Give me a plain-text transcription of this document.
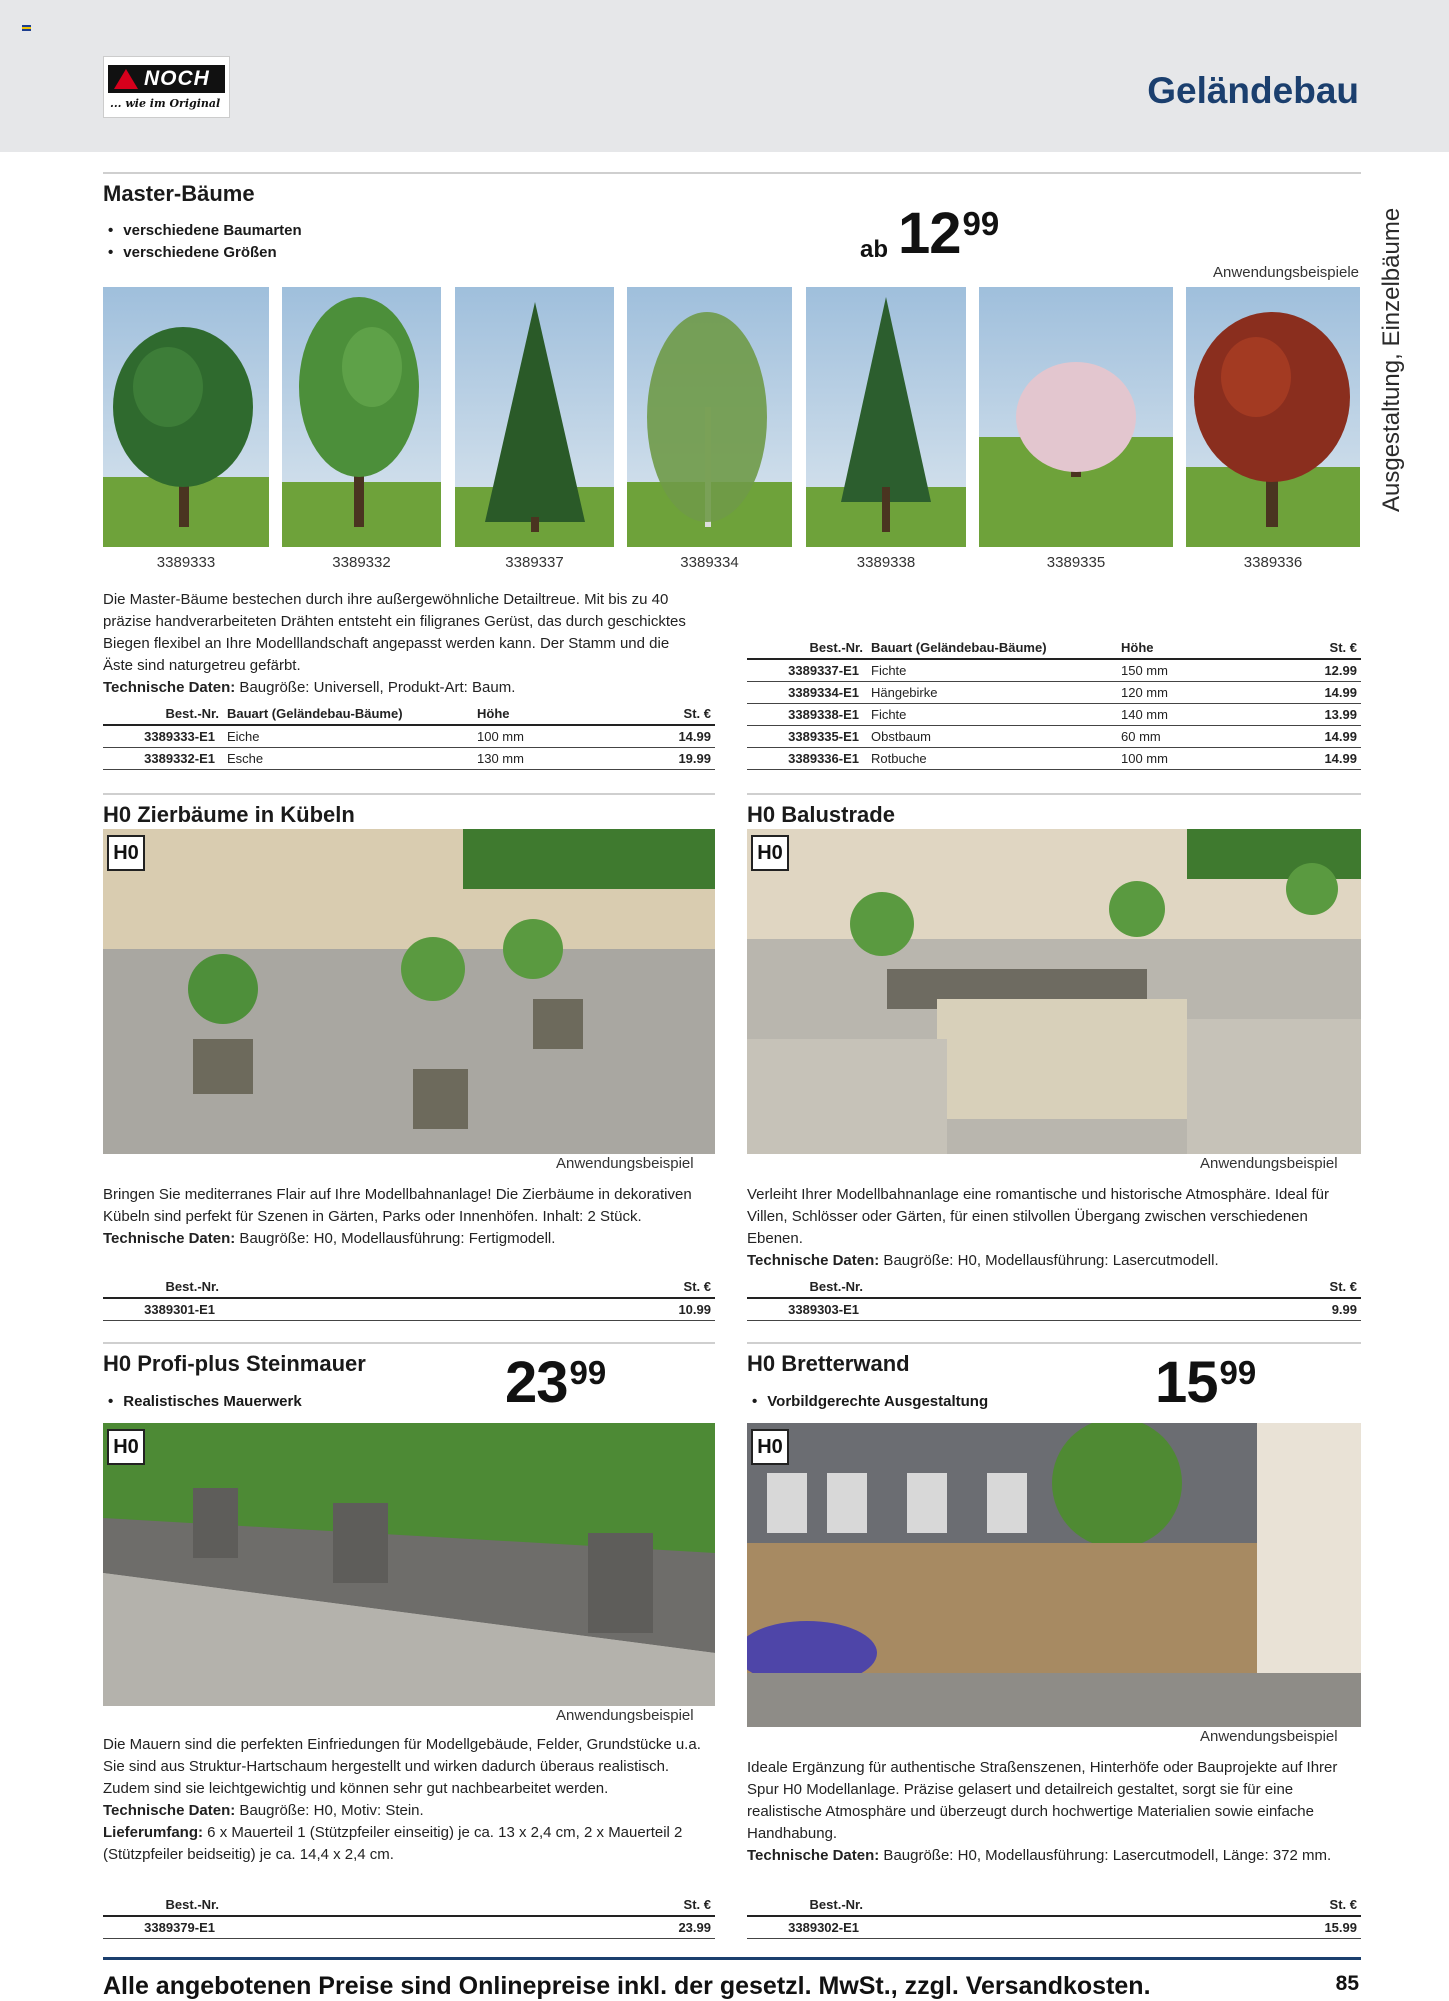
NOCH
... wie im Original	Geländebau
Ausgestaltung, Einzelbäume
Master-Bäume
• verschiedene Baumarten
• verschiedene Größen	ab 12 99
Anwendungsbeispiele
3389333	3389332	3389337	3389334	3389338	3389335	3389336
Die Master-Bäume bestechen durch ihre außergewöhnliche Detailtreue. Mit bis zu 40 präzise handverarbeiteten Drähten entsteht ein filigranes Gerüst, das durch geschicktes Biegen flexibel an Ihre Modelllandschaft angepasst werden kann. Der Stamm und die Äste sind naturgetreu gefärbt.
Technische Daten: Baugröße: Universell, Produkt-Art: Baum.
Best.-Nr.	Bauart (Geländebau-Bäume)	Höhe	St. €
3389333-E1	Eiche	100 mm	14.99
3389332-E1	Esche	130 mm	19.99
Best.-Nr.	Bauart (Geländebau-Bäume)	Höhe	St. €
3389337-E1	Fichte	150 mm	12.99
3389334-E1	Hängebirke	120 mm	14.99
3389338-E1	Fichte	140 mm	13.99
3389335-E1	Obstbaum	60 mm	14.99
3389336-E1	Rotbuche	100 mm	14.99
H0 Zierbäume in Kübeln
H0
Anwendungsbeispiel
Bringen Sie mediterranes Flair auf Ihre Modellbahnanlage! Die Zierbäume in dekorativen Kübeln sind perfekt für Szenen in Gärten, Parks oder Innenhöfen. Inhalt: 2 Stück.
Technische Daten: Baugröße: H0, Modellausführung: Fertigmodell.
Best.-Nr.		St. €
3389301-E1		10.99
H0 Balustrade
H0
Anwendungsbeispiel
Verleiht Ihrer Modellbahnanlage eine romantische und historische Atmosphäre. Ideal für Villen, Schlösser oder Gärten, für einen stilvollen Übergang zwischen verschiedenen Ebenen.
Technische Daten: Baugröße: H0, Modellausführung: Lasercutmodell.
Best.-Nr.		St. €
3389303-E1		9.99
H0 Profi-plus Steinmauer
• Realistisches Mauerwerk	23 99
H0
Anwendungsbeispiel
Die Mauern sind die perfekten Einfriedungen für Modellgebäude, Felder, Grundstücke u.a. Sie sind aus Struktur-Hartschaum hergestellt und wirken dadurch überaus realistisch. Zudem sind sie leichtgewichtig und können sehr gut nachbearbeitet werden.
Technische Daten: Baugröße: H0, Motiv: Stein.
Lieferumfang: 6 x Mauerteil 1 (Stützpfeiler einseitig) je ca. 13 x 2,4 cm, 2 x Mauerteil 2 (Stützpfeiler beidseitig) je ca. 14,4 x 2,4 cm.
Best.-Nr.		St. €
3389379-E1		23.99
H0 Bretterwand
• Vorbildgerechte Ausgestaltung	15 99
H0
Anwendungsbeispiel
Ideale Ergänzung für authentische Straßenszenen, Hinterhöfe oder Bauprojekte auf Ihrer Spur H0 Modellanlage. Präzise gelasert und detailreich gestaltet, sorgt sie für eine realistische Atmosphäre und überzeugt durch hochwertige Materialien sowie einfache Handhabung.
Technische Daten: Baugröße: H0, Modellausführung: Lasercutmodell, Länge: 372 mm.
Best.-Nr.		St. €
3389302-E1		15.99
Alle angebotenen Preise sind Onlinepreise inkl. der gesetzl. MwSt., zzgl. Versandkosten.	85
